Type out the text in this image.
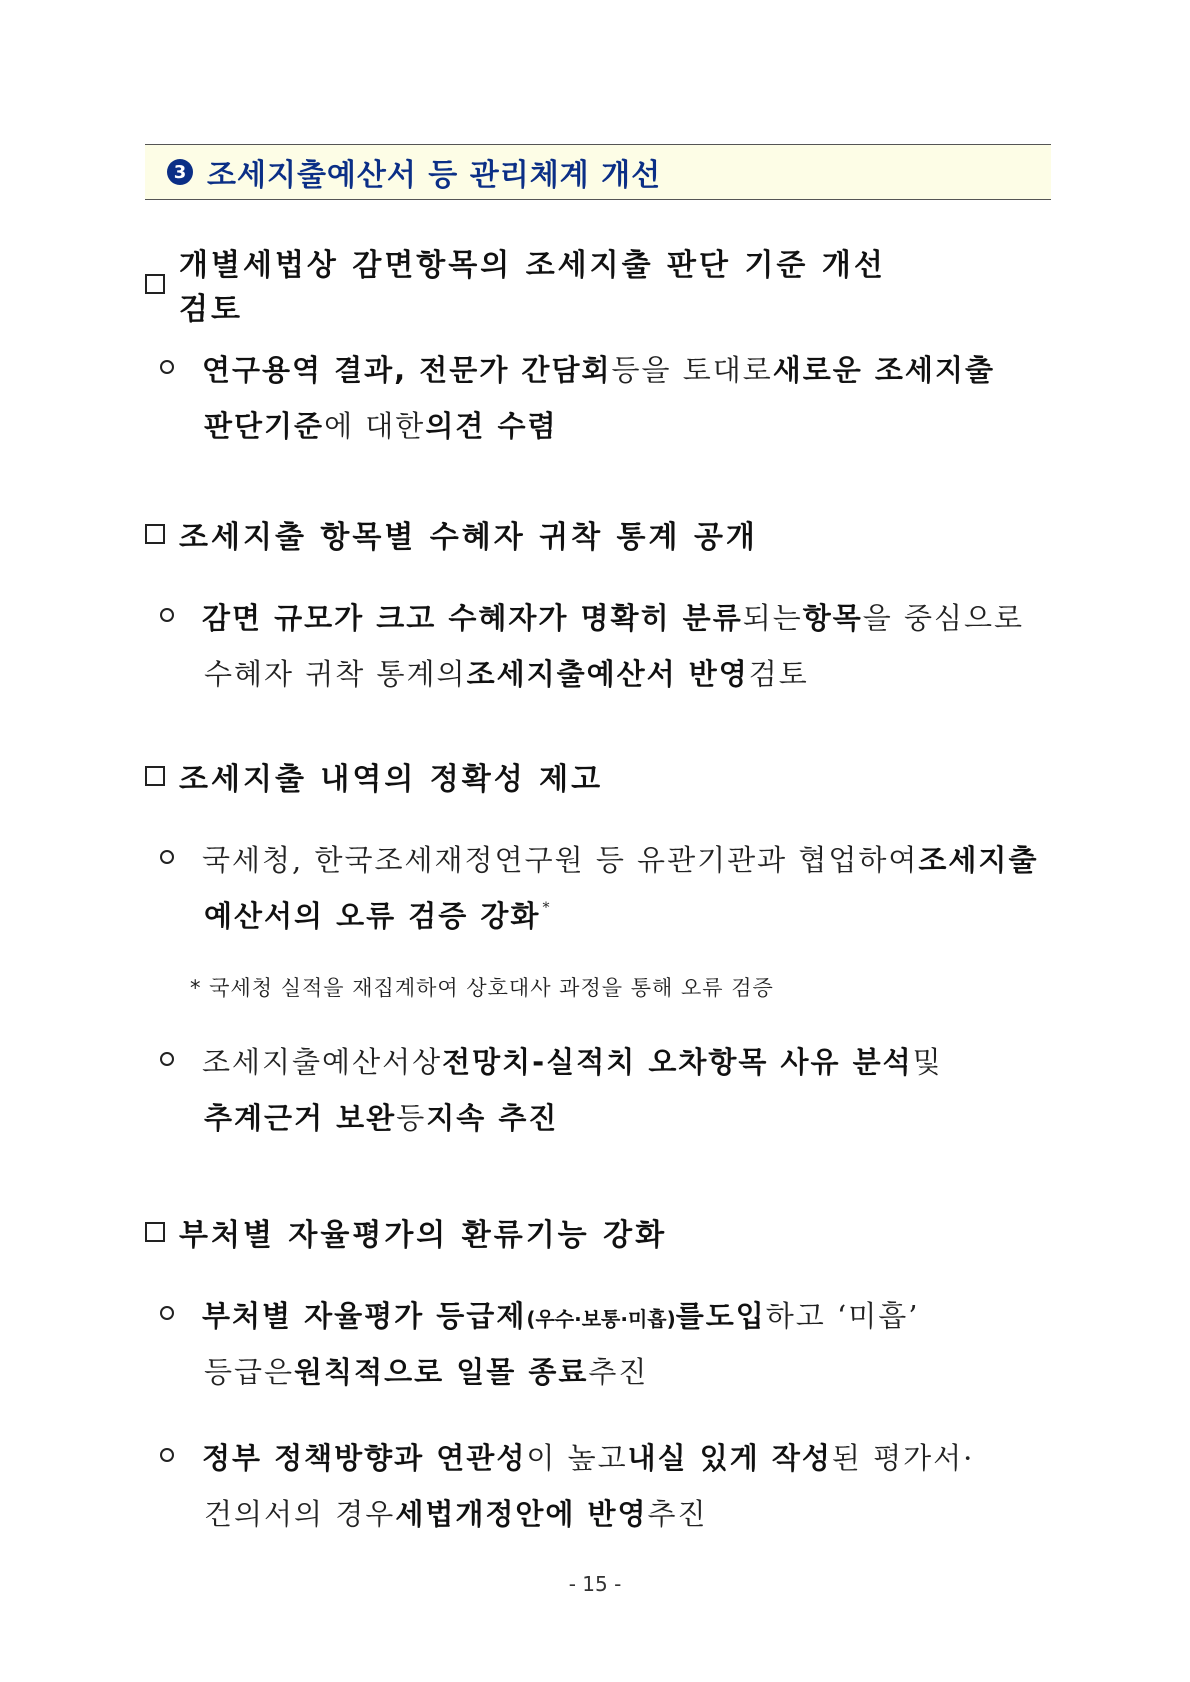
3 조세지출예산서 등 관리체계 개선
개별세법상 감면항목의 조세지출 판단 기준 개선 검토
연구용역 결과, 전문가 간담회 등을 토대로 새로운 조세지출
판단기준 에 대한 의견 수렴
조세지출 항목별 수혜자 귀착 통계 공개
감면 규모가 크고 수혜자가 명확히 분류 되는 항목 을 중심으로
수혜자 귀착 통계의 조세지출예산서 반영 검토
조세지출 내역의 정확성 제고
국세청, 한국조세재정연구원 등 유관기관과 협업하여 조세지출
예산서의 오류 검증 강화 *
* 국세청 실적을 재집계하여 상호대사 과정을 통해 오류 검증
조세지출예산서상 전망치-실적치 오차항목 사유 분석 및
추계근거 보완 등 지속 추진
부처별 자율평가의 환류기능 강화
부처별 자율평가 등급제 (우수·보통·미흡) 를 도입 하고 ‘미흡’
등급은 원칙적으로 일몰 종료 추진
정부 정책방향과 연관성 이 높고 내실 있게 작성 된 평가서·
건의서의 경우 세법개정안에 반영 추진
- 15 -
